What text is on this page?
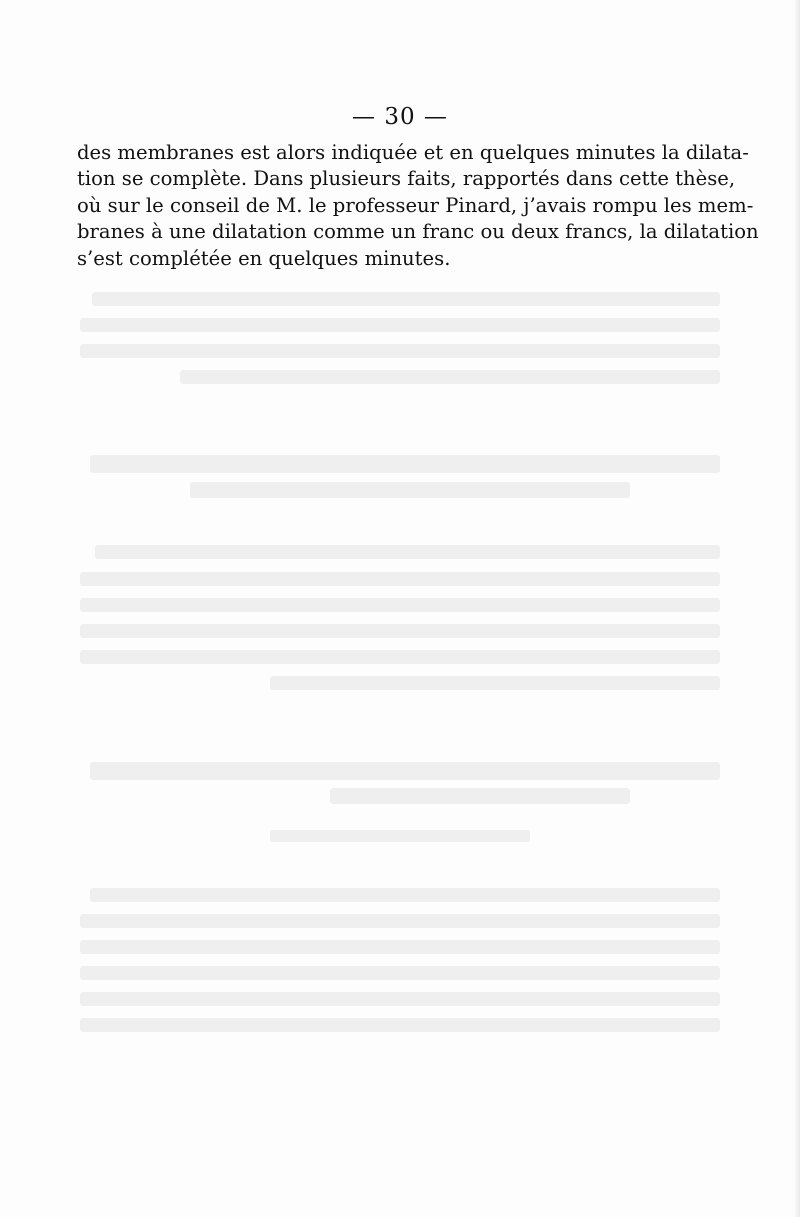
— 30 —
des membranes est alors indiquée et en quelques minutes la dilata-
tion se complète. Dans plusieurs faits, rapportés dans cette thèse,
où sur le conseil de M. le professeur Pinard, j’avais rompu les mem-
branes à une dilatation comme un franc ou deux francs, la dilatation
s’est complétée en quelques minutes.
